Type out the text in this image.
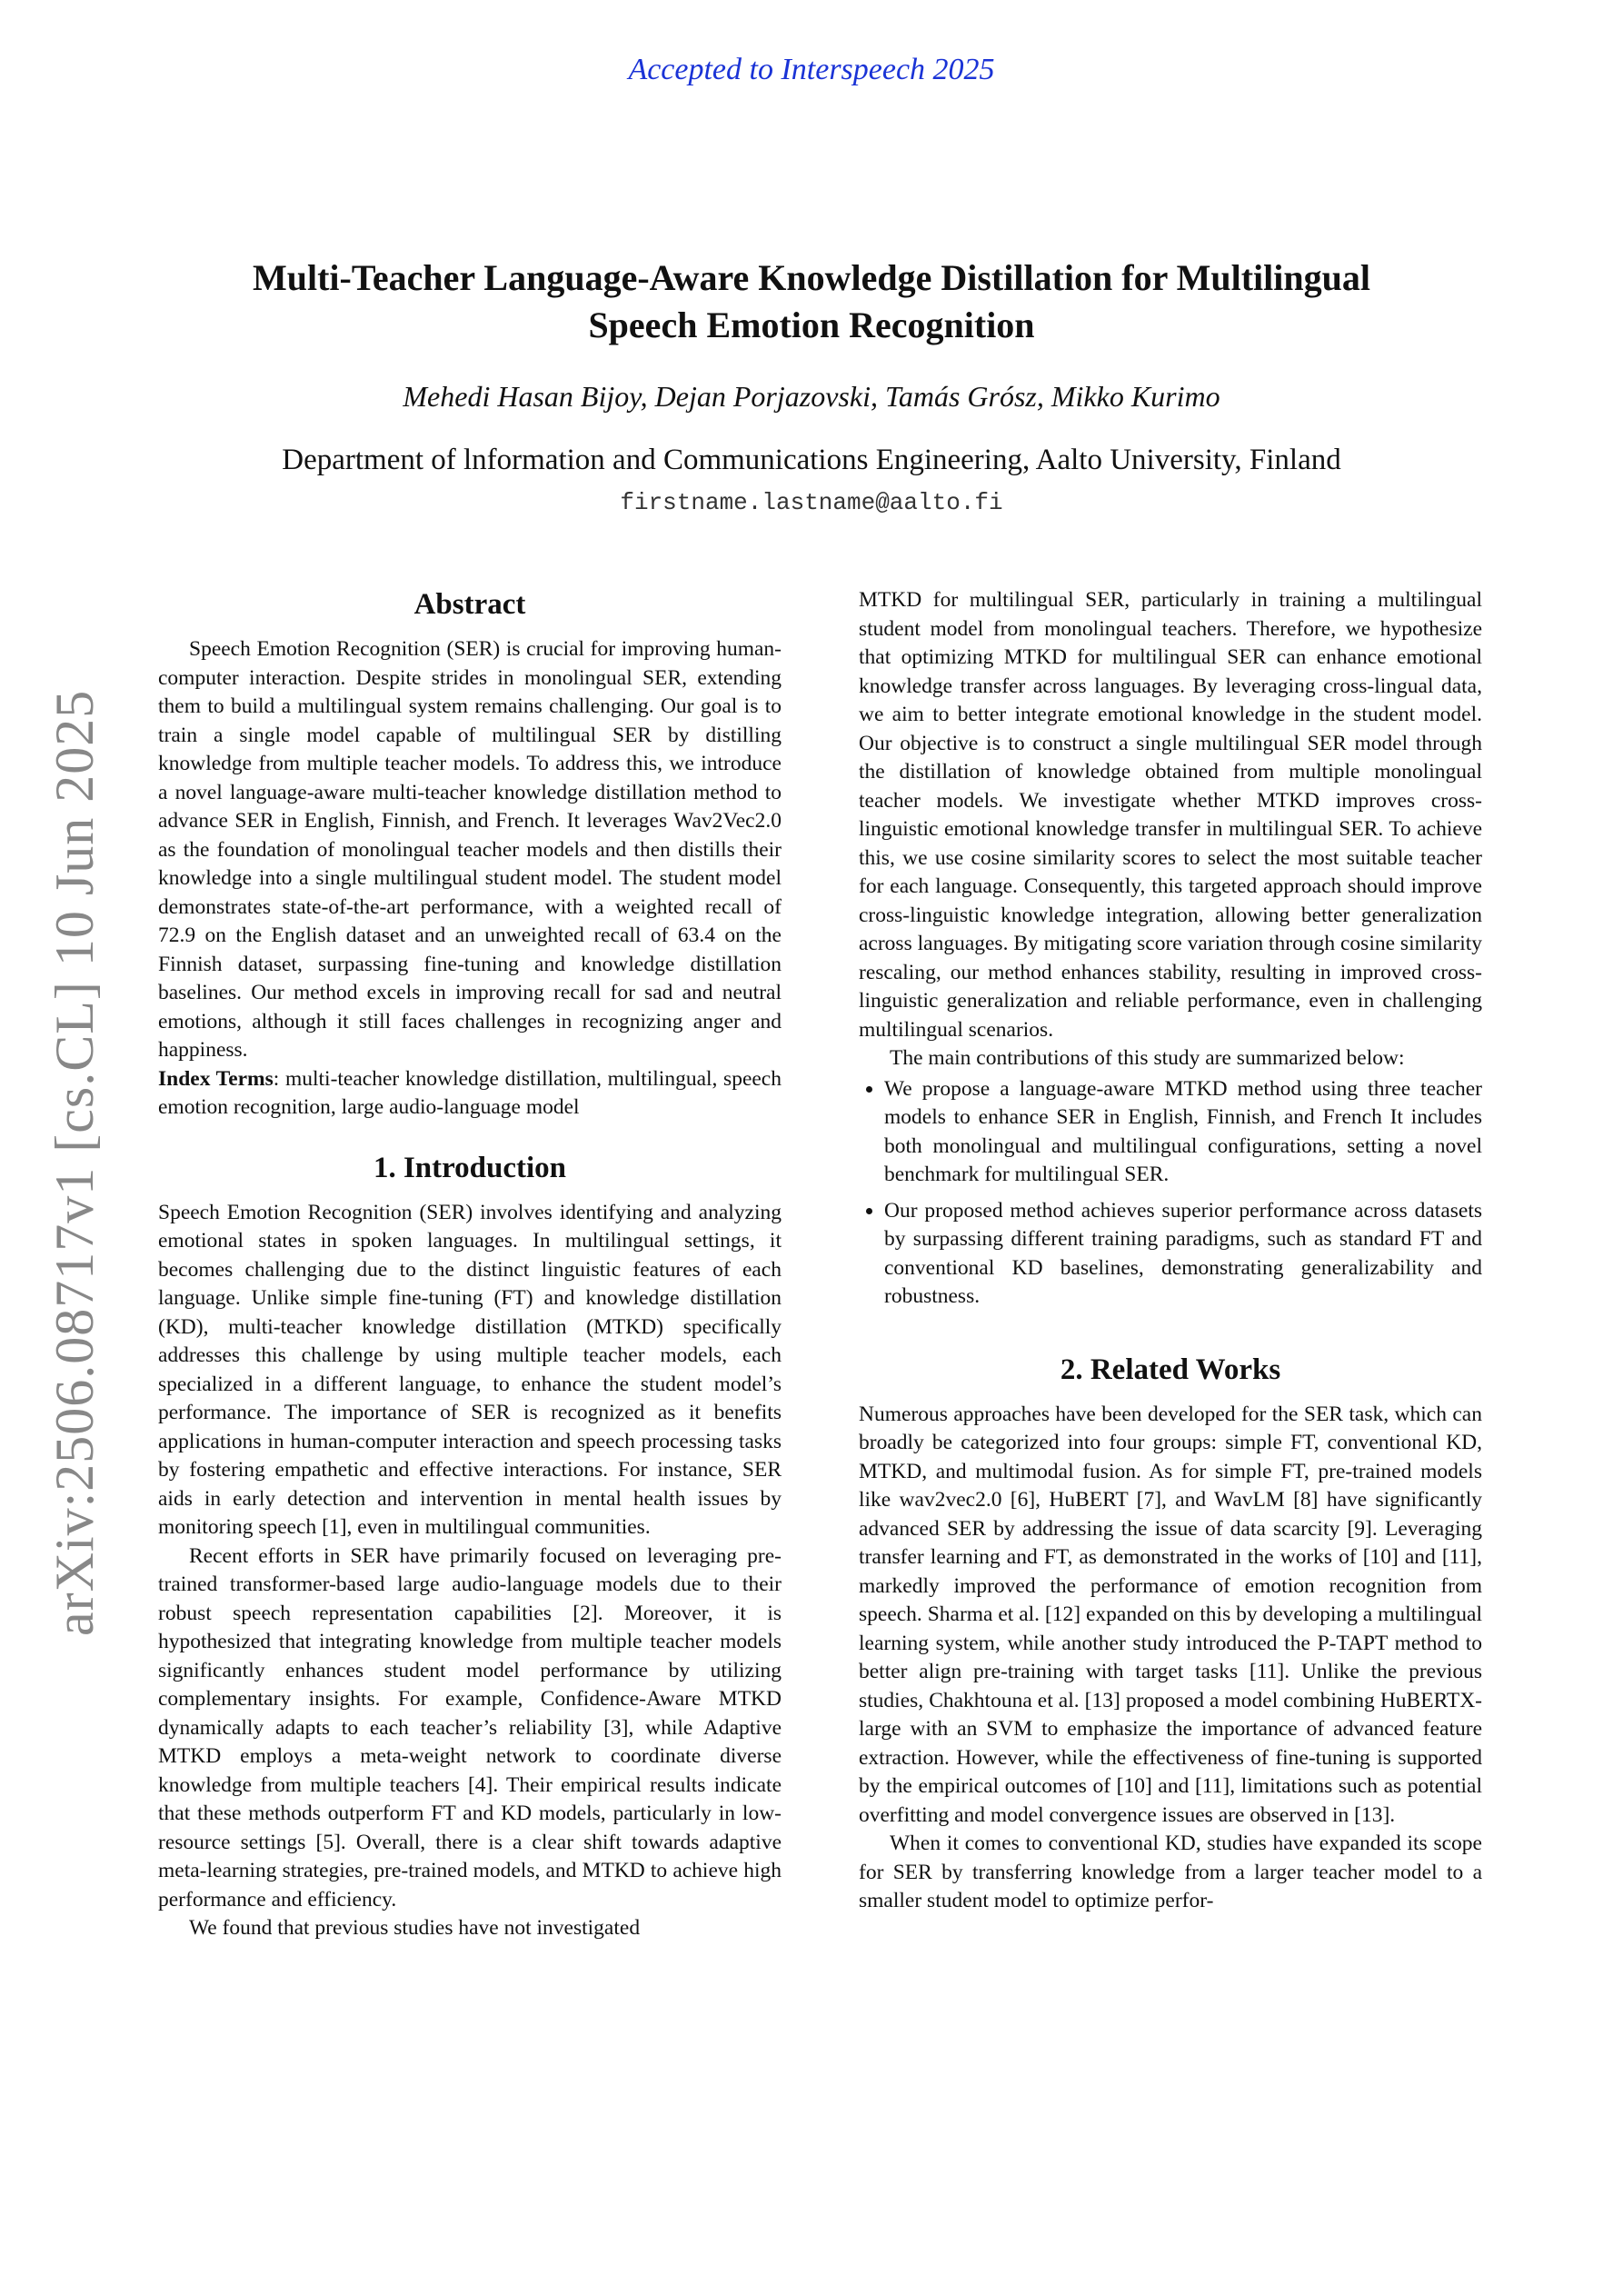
Accepted to Interspeech 2025
Multi-Teacher Language-Aware Knowledge Distillation for Multilingual
Speech Emotion Recognition
Mehedi Hasan Bijoy, Dejan Porjazovski, Tamás Grósz, Mikko Kurimo
Department of lnformation and Communications Engineering, Aalto University, Finland
firstname.lastname@aalto.fi
arXiv:2506.08717v1 [cs.CL] 10 Jun 2025
Abstract

Speech Emotion Recognition (SER) is crucial for improving human-computer interaction. Despite strides in monolingual SER, extending them to build a multilingual system remains challenging. Our goal is to train a single model capable of multilingual SER by distilling knowledge from multiple teacher models. To address this, we introduce a novel language-aware multi-teacher knowledge distillation method to advance SER in English, Finnish, and French. It leverages Wav2Vec2.0 as the foundation of monolingual teacher models and then distills their knowledge into a single multilingual student model. The student model demonstrates state-of-the-art performance, with a weighted recall of 72.9 on the English dataset and an unweighted recall of 63.4 on the Finnish dataset, surpassing fine-tuning and knowledge distillation baselines. Our method excels in improving recall for sad and neutral emotions, although it still faces challenges in recognizing anger and happiness.

Index Terms: multi-teacher knowledge distillation, multilingual, speech emotion recognition, large audio-language model

1. Introduction

Speech Emotion Recognition (SER) involves identifying and analyzing emotional states in spoken languages. In multilingual settings, it becomes challenging due to the distinct linguistic features of each language. Unlike simple fine-tuning (FT) and knowledge distillation (KD), multi-teacher knowledge distillation (MTKD) specifically addresses this challenge by using multiple teacher models, each specialized in a different language, to enhance the student model’s performance. The importance of SER is recognized as it benefits applications in human-computer interaction and speech processing tasks by fostering empathetic and effective interactions. For instance, SER aids in early detection and intervention in mental health issues by monitoring speech [1], even in multilingual communities.

Recent efforts in SER have primarily focused on leveraging pre-trained transformer-based large audio-language models due to their robust speech representation capabilities [2]. Moreover, it is hypothesized that integrating knowledge from multiple teacher models significantly enhances student model performance by utilizing complementary insights. For example, Confidence-Aware MTKD dynamically adapts to each teacher’s reliability [3], while Adaptive MTKD employs a meta-weight network to coordinate diverse knowledge from multiple teachers [4]. Their empirical results indicate that these methods outperform FT and KD models, particularly in low-resource settings [5]. Overall, there is a clear shift towards adaptive meta-learning strategies, pre-trained models, and MTKD to achieve high performance and efficiency.

We found that previous studies have not investigated

MTKD for multilingual SER, particularly in training a multilingual student model from monolingual teachers. Therefore, we hypothesize that optimizing MTKD for multilingual SER can enhance emotional knowledge transfer across languages. By leveraging cross-lingual data, we aim to better integrate emotional knowledge in the student model. Our objective is to construct a single multilingual SER model through the distillation of knowledge obtained from multiple monolingual teacher models. We investigate whether MTKD improves cross-linguistic emotional knowledge transfer in multilingual SER. To achieve this, we use cosine similarity scores to select the most suitable teacher for each language. Consequently, this targeted approach should improve cross-linguistic knowledge integration, allowing better generalization across languages. By mitigating score variation through cosine similarity rescaling, our method enhances stability, resulting in improved cross-linguistic generalization and reliable performance, even in challenging multilingual scenarios.

The main contributions of this study are summarized below:

• We propose a language-aware MTKD method using three teacher models to enhance SER in English, Finnish, and French It includes both monolingual and multilingual configurations, setting a novel benchmark for multilingual SER.
• Our proposed method achieves superior performance across datasets by surpassing different training paradigms, such as standard FT and conventional KD baselines, demonstrating generalizability and robustness.
2. Related Works

Numerous approaches have been developed for the SER task, which can broadly be categorized into four groups: simple FT, conventional KD, MTKD, and multimodal fusion. As for simple FT, pre-trained models like wav2vec2.0 [6], HuBERT [7], and WavLM [8] have significantly advanced SER by addressing the issue of data scarcity [9]. Leveraging transfer learning and FT, as demonstrated in the works of [10] and [11], markedly improved the performance of emotion recognition from speech. Sharma et al. [12] expanded on this by developing a multilingual learning system, while another study introduced the P-TAPT method to better align pre-training with target tasks [11]. Unlike the previous studies, Chakhtouna et al. [13] proposed a model combining HuBERTX-large with an SVM to emphasize the importance of advanced feature extraction. However, while the effectiveness of fine-tuning is supported by the empirical outcomes of [10] and [11], limitations such as potential overfitting and model convergence issues are observed in [13].

When it comes to conventional KD, studies have expanded its scope for SER by transferring knowledge from a larger teacher model to a smaller student model to optimize perfor-
